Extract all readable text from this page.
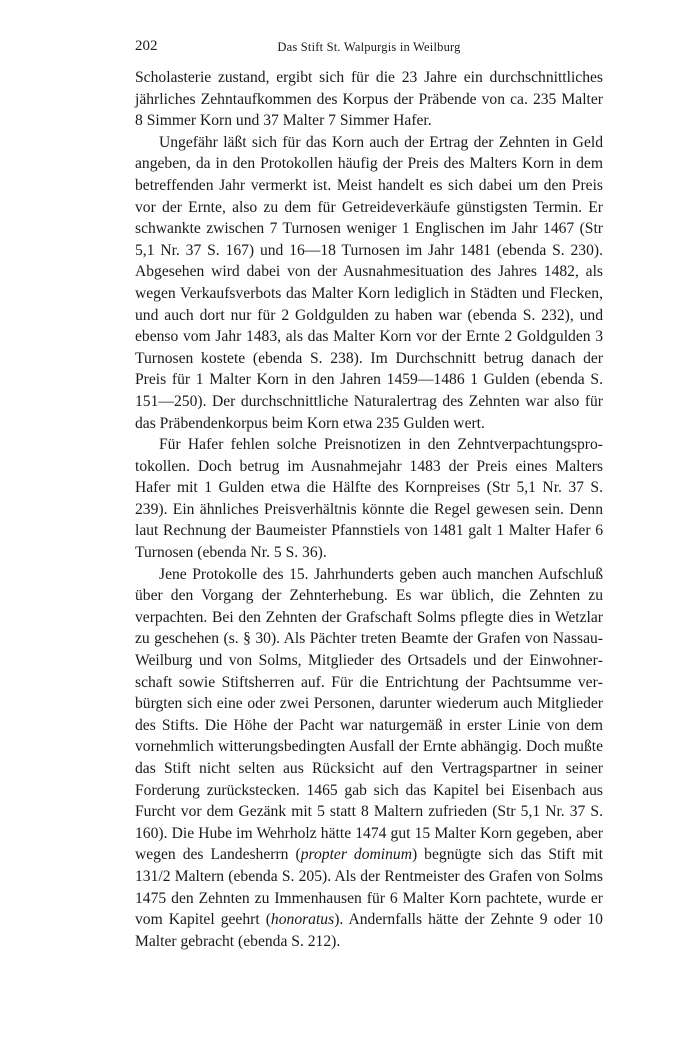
202	Das Stift St. Walpurgis in Weilburg

Scholasterie zustand, ergibt sich für die 23 Jahre ein durchschnittliches jährliches Zehntaufkommen des Korpus der Präbende von ca. 235 Malter 8 Simmer Korn und 37 Malter 7 Simmer Hafer.

Ungefähr läßt sich für das Korn auch der Ertrag der Zehnten in Geld angeben, da in den Protokollen häufig der Preis des Malters Korn in dem betreffenden Jahr vermerkt ist. Meist handelt es sich dabei um den Preis vor der Ernte, also zu dem für Getreideverkäufe günstigsten Termin. Er schwankte zwischen 7 Turnosen weniger 1 Englischen im Jahr 1467 (Str 5,1 Nr. 37 S. 167) und 16—18 Turnosen im Jahr 1481 (ebenda S. 230). Abgesehen wird dabei von der Ausnahmesituation des Jahres 1482, als wegen Verkaufsverbots das Malter Korn lediglich in Städten und Flecken, und auch dort nur für 2 Goldgulden zu haben war (ebenda S. 232), und ebenso vom Jahr 1483, als das Malter Korn vor der Ernte 2 Goldgulden 3 Turnosen kostete (ebenda S. 238). Im Durchschnitt betrug danach der Preis für 1 Malter Korn in den Jahren 1459—1486 1 Gulden (ebenda S. 151—250). Der durchschnittliche Naturalertrag des Zehnten war also für das Präbendenkorpus beim Korn etwa 235 Gulden wert.

Für Hafer fehlen solche Preisnotizen in den Zehntverpachtungsprotokollen. Doch betrug im Ausnahmejahr 1483 der Preis eines Malters Hafer mit 1 Gulden etwa die Hälfte des Kornpreises (Str 5,1 Nr. 37 S. 239). Ein ähnliches Preisverhältnis könnte die Regel gewesen sein. Denn laut Rechnung der Baumeister Pfannstiels von 1481 galt 1 Malter Hafer 6 Turnosen (ebenda Nr. 5 S. 36).

Jene Protokolle des 15. Jahrhunderts geben auch manchen Aufschluß über den Vorgang der Zehnterhebung. Es war üblich, die Zehnten zu verpachten. Bei den Zehnten der Grafschaft Solms pflegte dies in Wetzlar zu geschehen (s. § 30). Als Pächter treten Beamte der Grafen von Nassau-Weilburg und von Solms, Mitglieder des Ortsadels und der Einwohnerschaft sowie Stiftsherren auf. Für die Entrichtung der Pachtsumme verbürgten sich eine oder zwei Personen, darunter wiederum auch Mitglieder des Stifts. Die Höhe der Pacht war naturgemäß in erster Linie von dem vornehmlich witterungsbedingten Ausfall der Ernte abhängig. Doch mußte das Stift nicht selten aus Rücksicht auf den Vertragspartner in seiner Forderung zurückstecken. 1465 gab sich das Kapitel bei Eisenbach aus Furcht vor dem Gezänk mit 5 statt 8 Maltern zufrieden (Str 5,1 Nr. 37 S. 160). Die Hube im Wehrholz hätte 1474 gut 15 Malter Korn gegeben, aber wegen des Landesherrn (propter dominum) begnügte sich das Stift mit 131/2 Maltern (ebenda S. 205). Als der Rentmeister des Grafen von Solms 1475 den Zehnten zu Immenhausen für 6 Malter Korn pachtete, wurde er vom Kapitel geehrt (honoratus). Andernfalls hätte der Zehnte 9 oder 10 Malter gebracht (ebenda S. 212).
